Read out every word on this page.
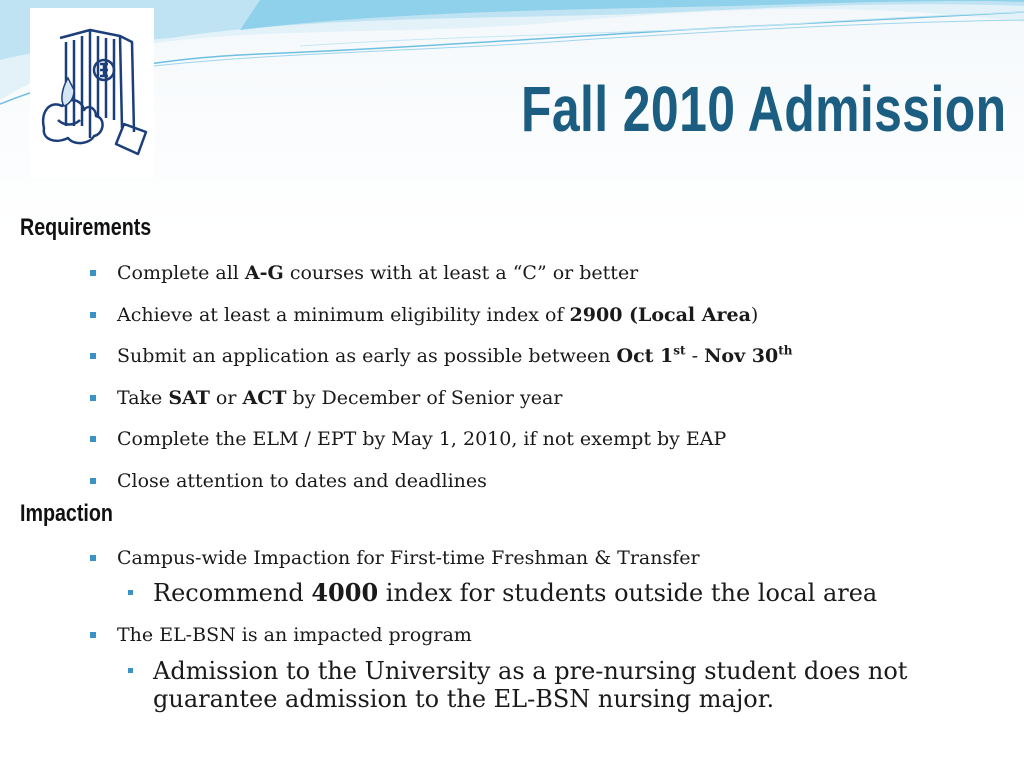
Fall 2010 Admission
Requirements
Complete all A-G courses with at least a “C” or better
Achieve at least a minimum eligibility index of 2900 (Local Area)
Submit an application as early as possible between Oct 1st - Nov 30th
Take SAT or ACT by December of Senior year
Complete the ELM / EPT by May 1, 2010, if not exempt by EAP
Close attention to dates and deadlines
Impaction
Campus-wide Impaction for First-time Freshman & Transfer
Recommend 4000 index for students outside the local area
The EL-BSN is an impacted program
Admission to the University as a pre-nursing student does not guarantee admission to the EL-BSN nursing major.
